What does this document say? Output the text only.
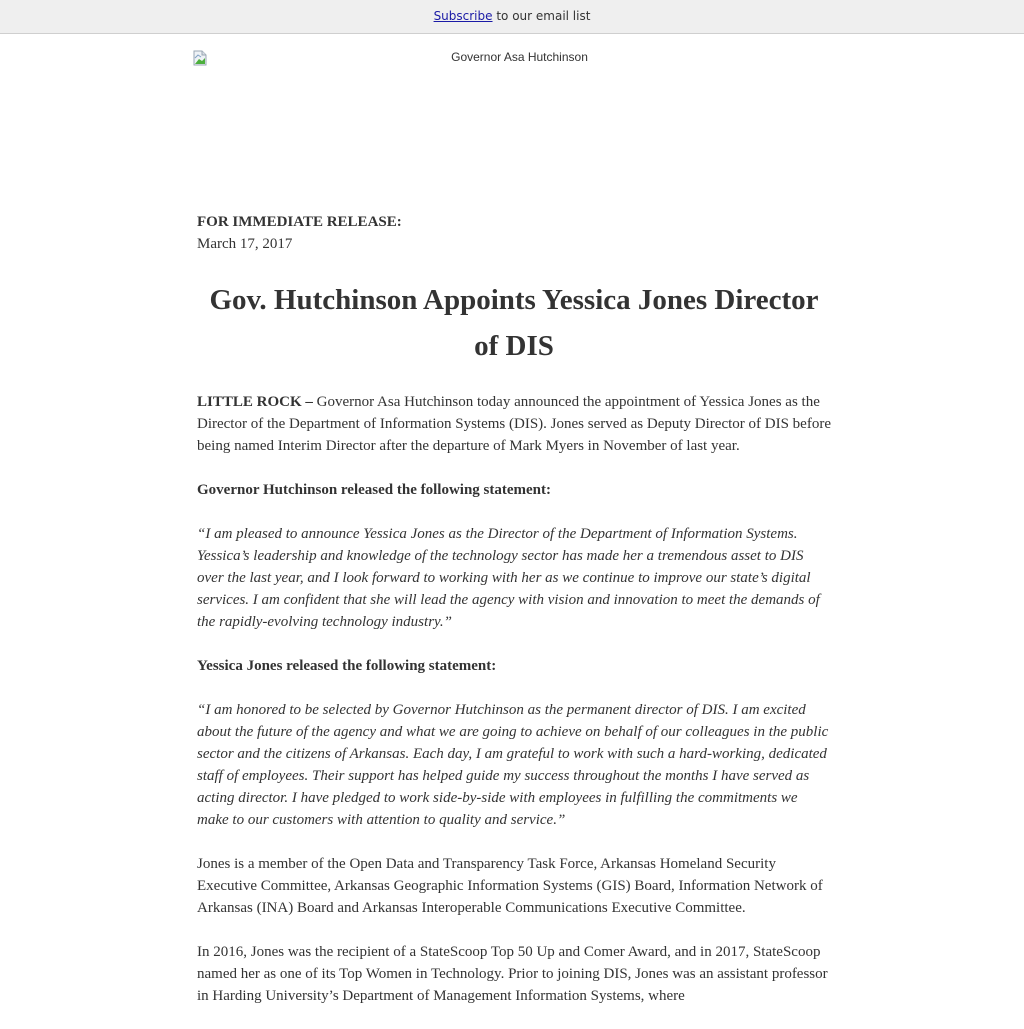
Subscribe to our email list
Governor Asa Hutchinson

FOR IMMEDIATE RELEASE:

March 17, 2017

Gov. Hutchinson Appoints Yessica Jones Director of DIS

LITTLE ROCK – Governor Asa Hutchinson today announced the appointment of Yessica Jones as the Director of the Department of Information Systems (DIS). Jones served as Deputy Director of DIS before being named Interim Director after the departure of Mark Myers in November of last year.

Governor Hutchinson released the following statement:

“I am pleased to announce Yessica Jones as the Director of the Department of Information Systems. Yessica’s leadership and knowledge of the technology sector has made her a tremendous asset to DIS over the last year, and I look forward to working with her as we continue to improve our state’s digital services. I am confident that she will lead the agency with vision and innovation to meet the demands of the rapidly-evolving technology industry.”

Yessica Jones released the following statement:

“I am honored to be selected by Governor Hutchinson as the permanent director of DIS. I am excited about the future of the agency and what we are going to achieve on behalf of our colleagues in the public sector and the citizens of Arkansas. Each day, I am grateful to work with such a hard-working, dedicated staff of employees. Their support has helped guide my success throughout the months I have served as acting director. I have pledged to work side-by-side with employees in fulfilling the commitments we make to our customers with attention to quality and service.”

Jones is a member of the Open Data and Transparency Task Force, Arkansas Homeland Security Executive Committee, Arkansas Geographic Information Systems (GIS) Board, Information Network of Arkansas (INA) Board and Arkansas Interoperable Communications Executive Committee.

In 2016, Jones was the recipient of a StateScoop Top 50 Up and Comer Award, and in 2017, StateScoop named her as one of its Top Women in Technology. Prior to joining DIS, Jones was an assistant professor in Harding University’s Department of Management Information Systems, where
